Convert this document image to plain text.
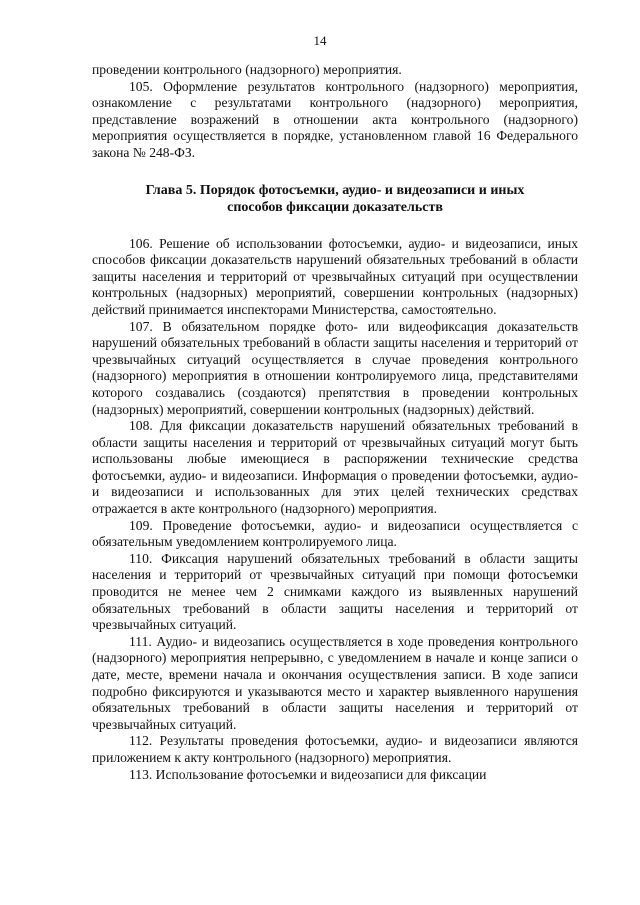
14

проведении контрольного (надзорного) мероприятия.

105. Оформление результатов контрольного (надзорного) мероприятия, ознакомление с результатами контрольного (надзорного) мероприятия, представление возражений в отношении акта контрольного (надзорного) мероприятия осуществляется в порядке, установленном главой 16 Федерального закона № 248-ФЗ.

Глава 5. Порядок фотосъемки, аудио- и видеозаписи и иных способов фиксации доказательств

106. Решение об использовании фотосъемки, аудио- и видеозаписи, иных способов фиксации доказательств нарушений обязательных требований в области защиты населения и территорий от чрезвычайных ситуаций при осуществлении контрольных (надзорных) мероприятий, совершении контрольных (надзорных) действий принимается инспекторами Министерства, самостоятельно.

107. В обязательном порядке фото- или видеофиксация доказательств нарушений обязательных требований в области защиты населения и территорий от чрезвычайных ситуаций осуществляется в случае проведения контрольного (надзорного) мероприятия в отношении контролируемого лица, представителями которого создавались (создаются) препятствия в проведении контрольных (надзорных) мероприятий, совершении контрольных (надзорных) действий.

108. Для фиксации доказательств нарушений обязательных требований в области защиты населения и территорий от чрезвычайных ситуаций могут быть использованы любые имеющиеся в распоряжении технические средства фотосъемки, аудио- и видеозаписи. Информация о проведении фотосъемки, аудио- и видеозаписи и использованных для этих целей технических средствах отражается в акте контрольного (надзорного) мероприятия.

109. Проведение фотосъемки, аудио- и видеозаписи осуществляется с обязательным уведомлением контролируемого лица.

110. Фиксация нарушений обязательных требований в области защиты населения и территорий от чрезвычайных ситуаций при помощи фотосъемки проводится не менее чем 2 снимками каждого из выявленных нарушений обязательных требований в области защиты населения и территорий от чрезвычайных ситуаций.

111. Аудио- и видеозапись осуществляется в ходе проведения контрольного (надзорного) мероприятия непрерывно, с уведомлением в начале и конце записи о дате, месте, времени начала и окончания осуществления записи. В ходе записи подробно фиксируются и указываются место и характер выявленного нарушения обязательных требований в области защиты населения и территорий от чрезвычайных ситуаций.

112. Результаты проведения фотосъемки, аудио- и видеозаписи являются приложением к акту контрольного (надзорного) мероприятия.

113. Использование фотосъемки и видеозаписи для фиксации
